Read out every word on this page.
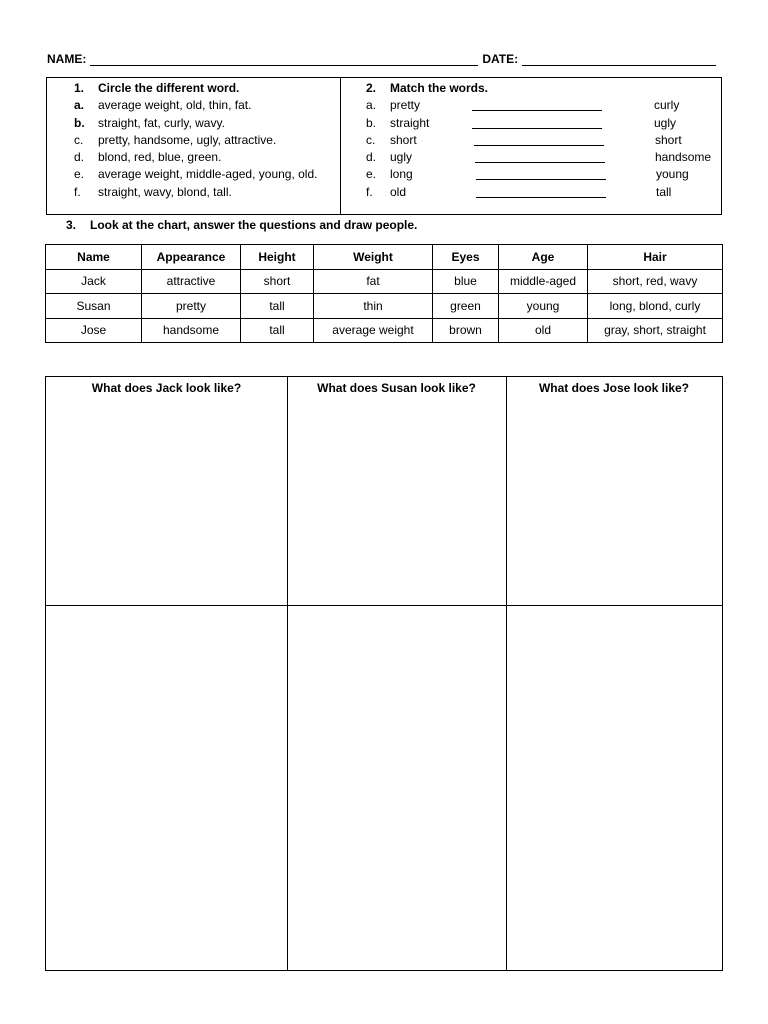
NAME:	DATE:
1. Circle the different word.
a. average weight, old, thin, fat.
b. straight, fat, curly, wavy.
c. pretty, handsome, ugly, attractive.
d. blond, red, blue, green.
e. average weight, middle-aged, young, old.
f. straight, wavy, blond, tall.
2. Match the words.
a. pretty	curly
b. straight	ugly
c. short	short
d. ugly	handsome
e. long	young
f. old	tall
3. Look at the chart, answer the questions and draw people.
Name	Appearance	Height	Weight	Eyes	Age	Hair
Jack	attractive	short	fat	blue	middle-aged	short, red, wavy
Susan	pretty	tall	thin	green	young	long, blond, curly
Jose	handsome	tall	average weight	brown	old	gray, short, straight
What does Jack look like?	What does Susan look like?	What does Jose look like?
